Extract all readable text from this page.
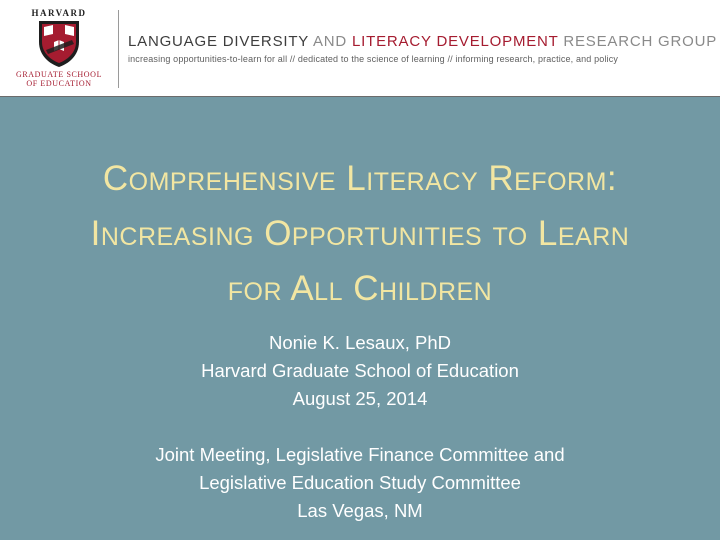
HARVARD
GRADUATE SCHOOL
OF EDUCATION
LANGUAGE DIVERSITY AND LITERACY DEVELOPMENT RESEARCH GROUP
increasing opportunities-to-learn for all // dedicated to the science of learning // informing research, practice, and policy
Comprehensive Literacy Reform:
Increasing Opportunities to Learn
for All Children
Nonie K. Lesaux, PhD
Harvard Graduate School of Education
August 25, 2014
Joint Meeting, Legislative Finance Committee and
Legislative Education Study Committee
Las Vegas, NM
